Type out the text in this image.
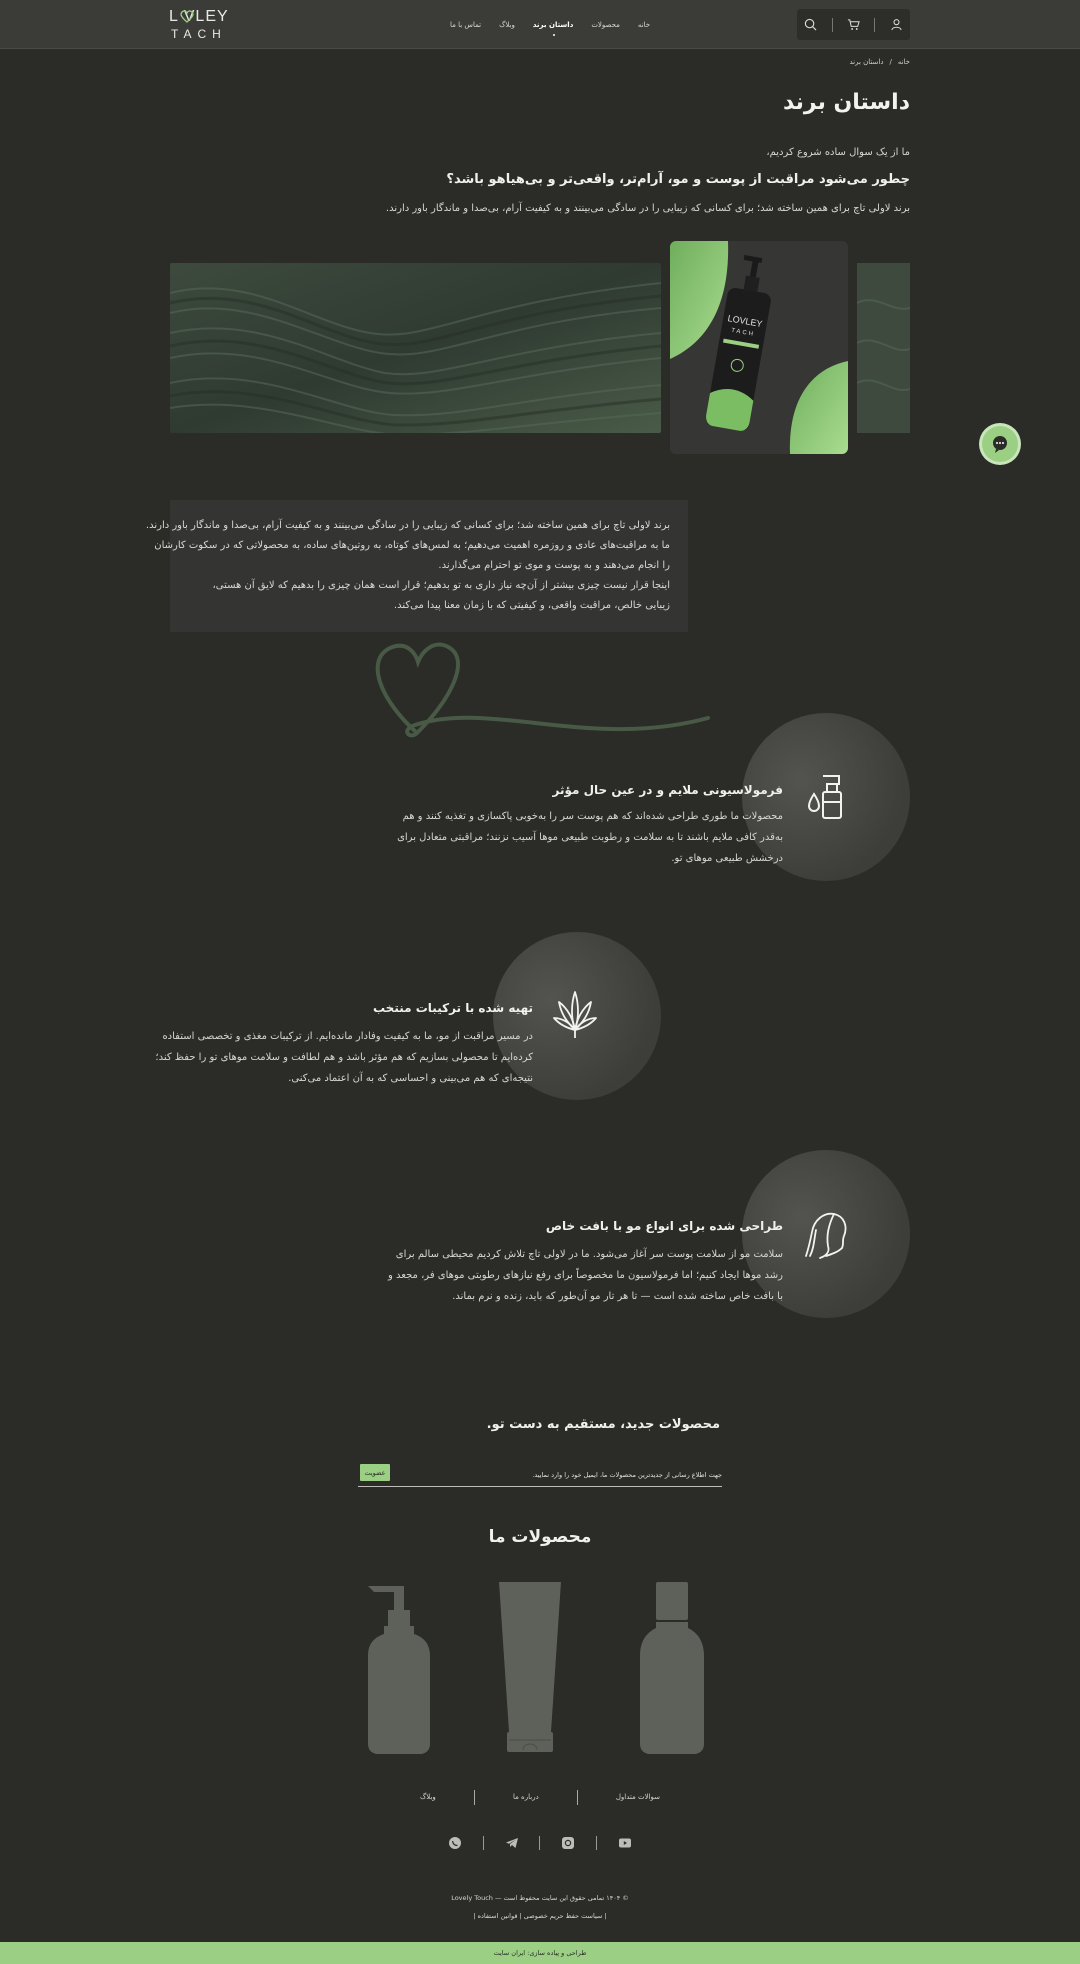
L VLEY
TACH
خانه
محصولات
داستان برند
وبلاگ
تماس با ما
خانه/داستان برند
داستان برند

ما از یک سوال ساده شروع کردیم،

چطور می‌شود مراقبت از پوست و مو، آرام‌تر، واقعی‌تر و بی‌هیاهو باشد؟

برند لاولی تاچ برای همین ساخته شد؛ برای کسانی که زیبایی را در سادگی می‌بینند و به کیفیت آرام، بی‌صدا و ماندگار باور دارند.

LOVLEY
TACH

برند لاولی تاچ برای همین ساخته شد؛ برای کسانی که زیبایی را در سادگی می‌بینند و به کیفیت آرام، بی‌صدا و ماندگار باور دارند.

ما به مراقبت‌های عادی و روزمره اهمیت می‌دهیم؛ به لمس‌های کوتاه، به روتین‌های ساده، به محصولاتی که در سکوت کارشان

را انجام می‌دهند و به پوست و موی تو احترام می‌گذارند.

اینجا قرار نیست چیزی بیشتر از آن‌چه نیاز داری به تو بدهیم؛ قرار است همان چیزی را بدهیم که لایق آن هستی،

زیبایی خالص، مراقبت واقعی، و کیفیتی که با زمان معنا پیدا می‌کند.

فرمولاسیونی ملایم و در عین حال مؤثر

محصولات ما طوری طراحی شده‌اند که هم پوست سر را به‌خوبی پاکسازی و تغذیه کنند و هم

به‌قدر کافی ملایم باشند تا به سلامت و رطوبت طبیعی موها آسیب نزنند؛ مراقبتی متعادل برای

درخشش طبیعی موهای تو.

تهیه شده با ترکیبات منتخب

در مسیر مراقبت از مو، ما به کیفیت وفادار مانده‌ایم. از ترکیبات مغذی و تخصصی استفاده

کرده‌ایم تا محصولی بسازیم که هم مؤثر باشد و هم لطافت و سلامت موهای تو را حفظ کند؛

نتیجه‌ای که هم می‌بینی و احساسی که به آن اعتماد می‌کنی.

طراحی شده برای انواع مو با بافت خاص

سلامت مو از سلامت پوست سر آغاز می‌شود. ما در لاولی تاچ تلاش کردیم محیطی سالم برای

رشد موها ایجاد کنیم؛ اما فرمولاسیون ما مخصوصاً برای رفع نیازهای رطوبتی موهای فر، مجعد و

با بافت خاص ساخته شده است — تا هر تار مو آن‌طور که باید، زنده و نرم بماند.

محصولات جدید، مستقیم به دست تو.
جهت اطلاع رسانی از جدیدترین محصولات ما، ایمیل خود را وارد نمایید.
عضویت
محصولات ما
سوالات متداول
درباره ما
وبلاگ

© ۱۴۰۴ تمامی حقوق این سایت محفوظ است — Lovely Touch

| سیاست حفظ حریم خصوصی | قوانین استفاده |

طراحی و پیاده سازی: ایران سایت
